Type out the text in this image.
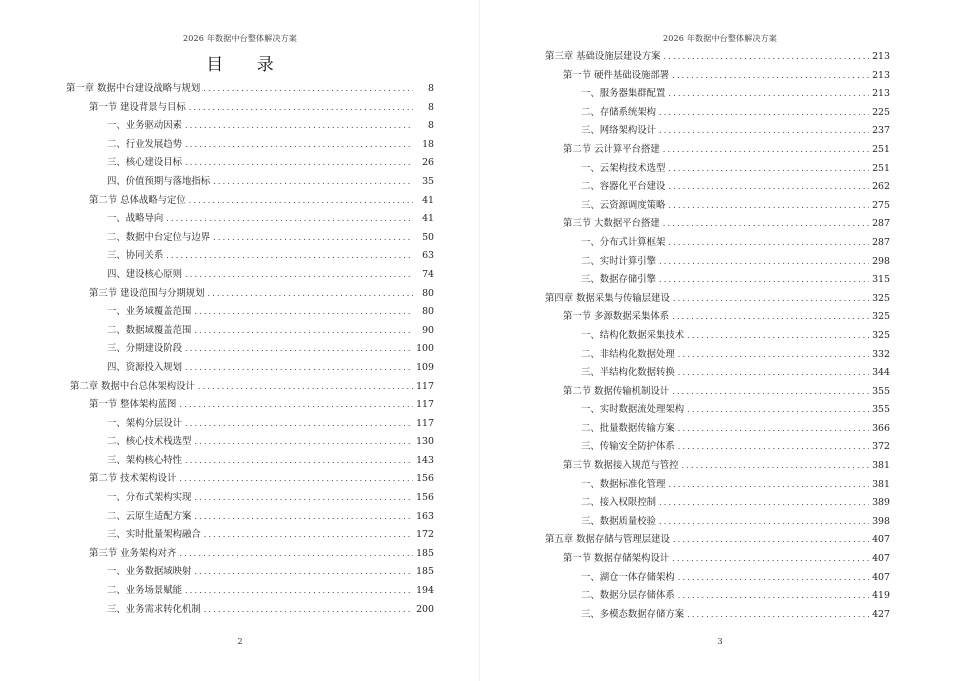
2026 年数据中台整体解决方案
目 录
第一章 数据中台建设战略与规划 .....	8
第一节 建设背景与目标 .....	8
一、业务驱动因素 .....	8
二、行业发展趋势 .....	18
三、核心建设目标 .....	26
四、价值预期与落地指标 .....	35
第二节 总体战略与定位 .....	41
一、战略导向 .....	41
二、数据中台定位与边界 .....	50
三、协同关系 .....	63
四、建设核心原则 .....	74
第三节 建设范围与分期规划 .....	80
一、业务域覆盖范围 .....	80
二、数据域覆盖范围 .....	90
三、分期建设阶段 .....	100
四、资源投入规划 .....	109
第二章 数据中台总体架构设计 .....	117
第一节 整体架构蓝图 .....	117
一、架构分层设计 .....	117
二、核心技术栈选型 .....	130
三、架构核心特性 .....	143
第二节 技术架构设计 .....	156
一、分布式架构实现 .....	156
二、云原生适配方案 .....	163
三、实时批量架构融合 .....	172
第三节 业务架构对齐 .....	185
一、业务数据域映射 .....	185
二、业务场景赋能 .....	194
三、业务需求转化机制 .....	200
2
2026 年数据中台整体解决方案
第三章 基础设施层建设方案 .....	213
第一节 硬件基础设施部署 .....	213
一、服务器集群配置 .....	213
二、存储系统架构 .....	225
三、网络架构设计 .....	237
第二节 云计算平台搭建 .....	251
一、云架构技术选型 .....	251
二、容器化平台建设 .....	262
三、云资源调度策略 .....	275
第三节 大数据平台搭建 .....	287
一、分布式计算框架 .....	287
二、实时计算引擎 .....	298
三、数据存储引擎 .....	315
第四章 数据采集与传输层建设 .....	325
第一节 多源数据采集体系 .....	325
一、结构化数据采集技术 .....	325
二、非结构化数据处理 .....	332
三、半结构化数据转换 .....	344
第二节 数据传输机制设计 .....	355
一、实时数据流处理架构 .....	355
二、批量数据传输方案 .....	366
三、传输安全防护体系 .....	372
第三节 数据接入规范与管控 .....	381
一、数据标准化管理 .....	381
二、接入权限控制 .....	389
三、数据质量校验 .....	398
第五章 数据存储与管理层建设 .....	407
第一节 数据存储架构设计 .....	407
一、湖仓一体存储架构 .....	407
二、数据分层存储体系 .....	419
三、多模态数据存储方案 .....	427
3
